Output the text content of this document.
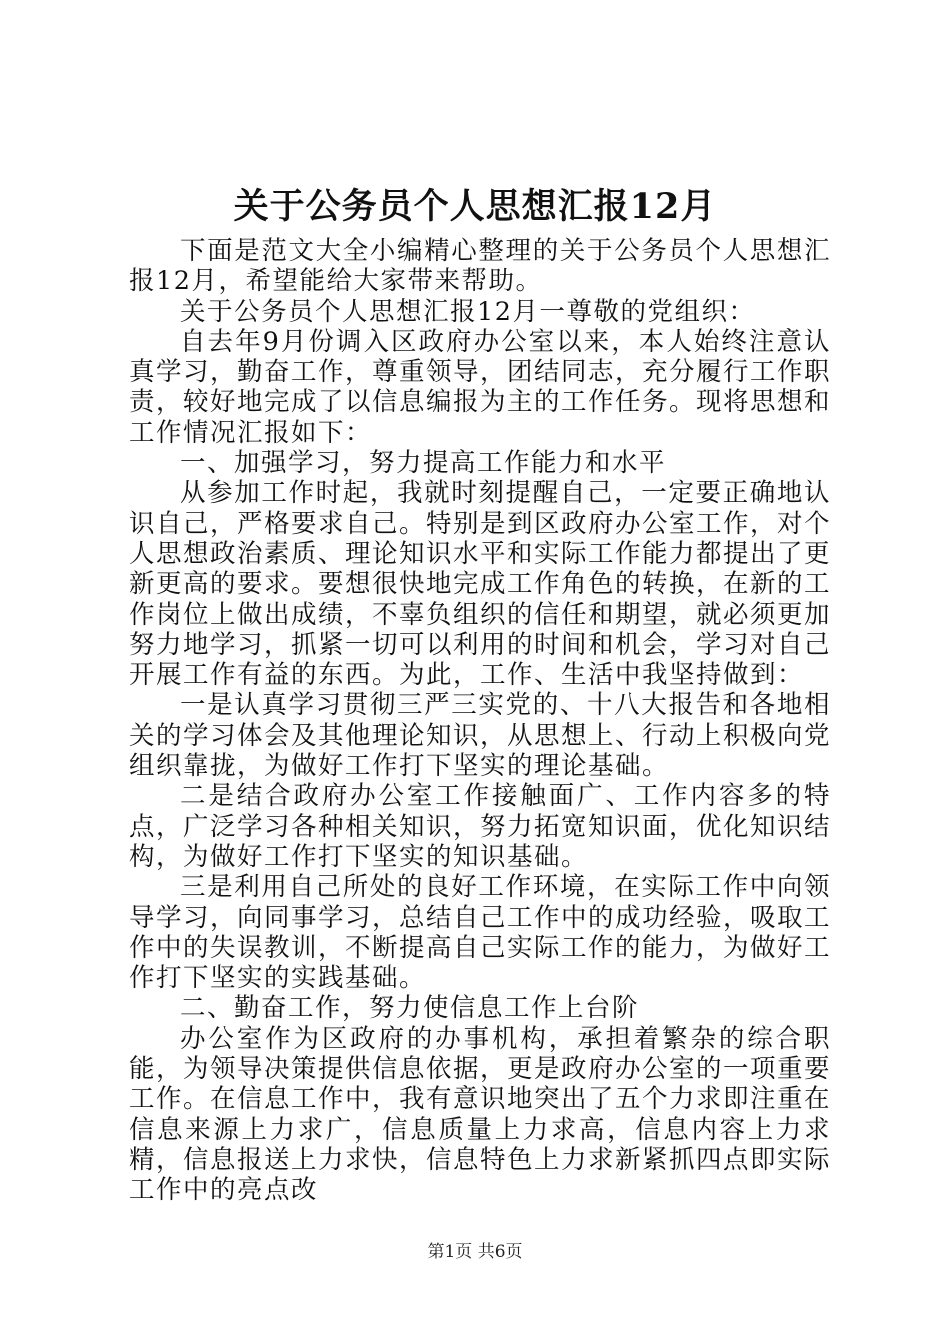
关于公务员个人思想汇报12月

下面是范文大全小编精心整理的关于公务员个人思想汇报12月，希望能给大家带来帮助。

关于公务员个人思想汇报12月一尊敬的党组织：

自去年9月份调入区政府办公室以来，本人始终注意认真学习，勤奋工作，尊重领导，团结同志，充分履行工作职责，较好地完成了以信息编报为主的工作任务。现将思想和工作情况汇报如下：

一、加强学习，努力提高工作能力和水平

从参加工作时起，我就时刻提醒自己，一定要正确地认识自己，严格要求自己。特别是到区政府办公室工作，对个人思想政治素质、理论知识水平和实际工作能力都提出了更新更高的要求。要想很快地完成工作角色的转换，在新的工作岗位上做出成绩，不辜负组织的信任和期望，就必须更加努力地学习，抓紧一切可以利用的时间和机会，学习对自己开展工作有益的东西。为此，工作、生活中我坚持做到：

一是认真学习贯彻三严三实党的、十八大报告和各地相关的学习体会及其他理论知识，从思想上、行动上积极向党组织靠拢，为做好工作打下坚实的理论基础。

二是结合政府办公室工作接触面广、工作内容多的特点，广泛学习各种相关知识，努力拓宽知识面，优化知识结构，为做好工作打下坚实的知识基础。

三是利用自己所处的良好工作环境，在实际工作中向领导学习，向同事学习，总结自己工作中的成功经验，吸取工作中的失误教训，不断提高自己实际工作的能力，为做好工作打下坚实的实践基础。

二、勤奋工作，努力使信息工作上台阶

办公室作为区政府的办事机构，承担着繁杂的综合职能，为领导决策提供信息依据，更是政府办公室的一项重要工作。在信息工作中，我有意识地突出了五个力求即注重在信息来源上力求广，信息质量上力求高，信息内容上力求精，信息报送上力求快，信息特色上力求新紧抓四点即实际工作中的亮点改

第1页 共6页
